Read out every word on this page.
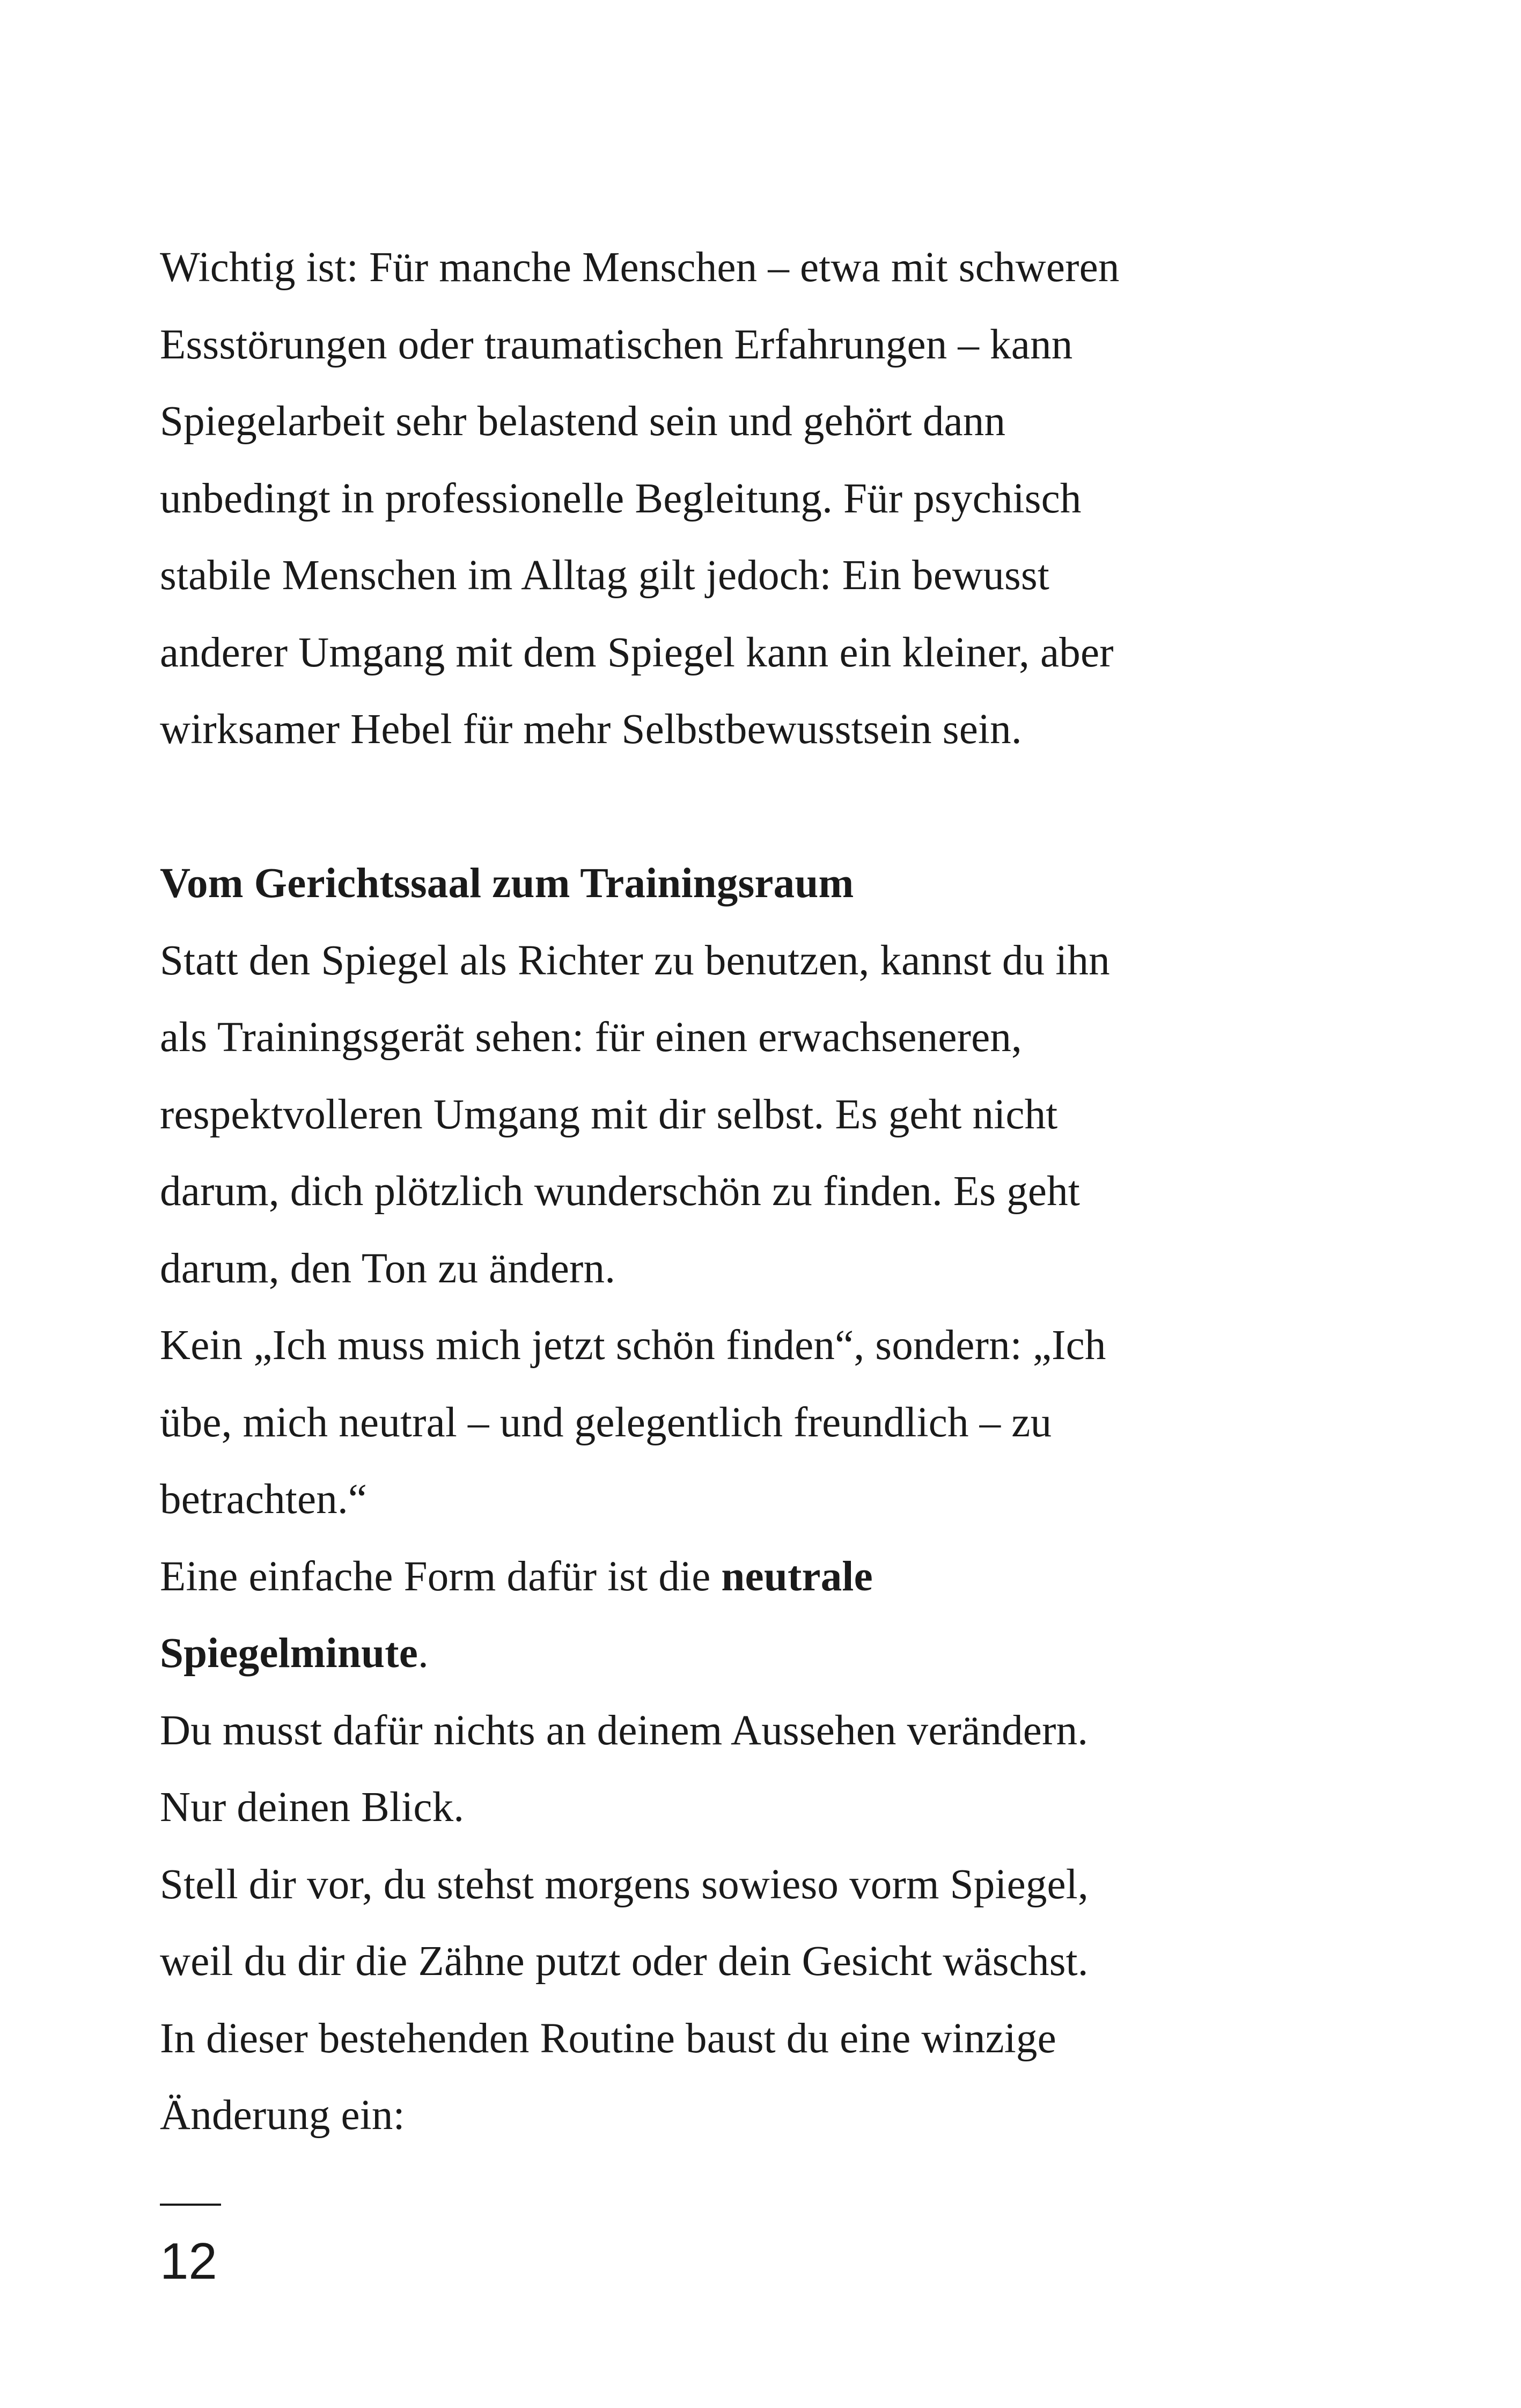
Wichtig ist: Für manche Menschen – etwa mit schweren
Essstörungen oder traumatischen Erfahrungen – kann
Spiegelarbeit sehr belastend sein und gehört dann
unbedingt in professionelle Begleitung. Für psychisch
stabile Menschen im Alltag gilt jedoch: Ein bewusst
anderer Umgang mit dem Spiegel kann ein kleiner, aber
wirksamer Hebel für mehr Selbstbewusstsein sein.
Vom Gerichtssaal zum Trainingsraum
Statt den Spiegel als Richter zu benutzen, kannst du ihn
als Trainingsgerät sehen: für einen erwachseneren,
respektvolleren Umgang mit dir selbst. Es geht nicht
darum, dich plötzlich wunderschön zu finden. Es geht
darum, den Ton zu ändern.
Kein „Ich muss mich jetzt schön finden“, sondern: „Ich
übe, mich neutral – und gelegentlich freundlich – zu
betrachten.“
Eine einfache Form dafür ist die neutrale
Spiegelminute.
Du musst dafür nichts an deinem Aussehen verändern.
Nur deinen Blick.
Stell dir vor, du stehst morgens sowieso vorm Spiegel,
weil du dir die Zähne putzt oder dein Gesicht wäschst.
In dieser bestehenden Routine baust du eine winzige
Änderung ein:
12
